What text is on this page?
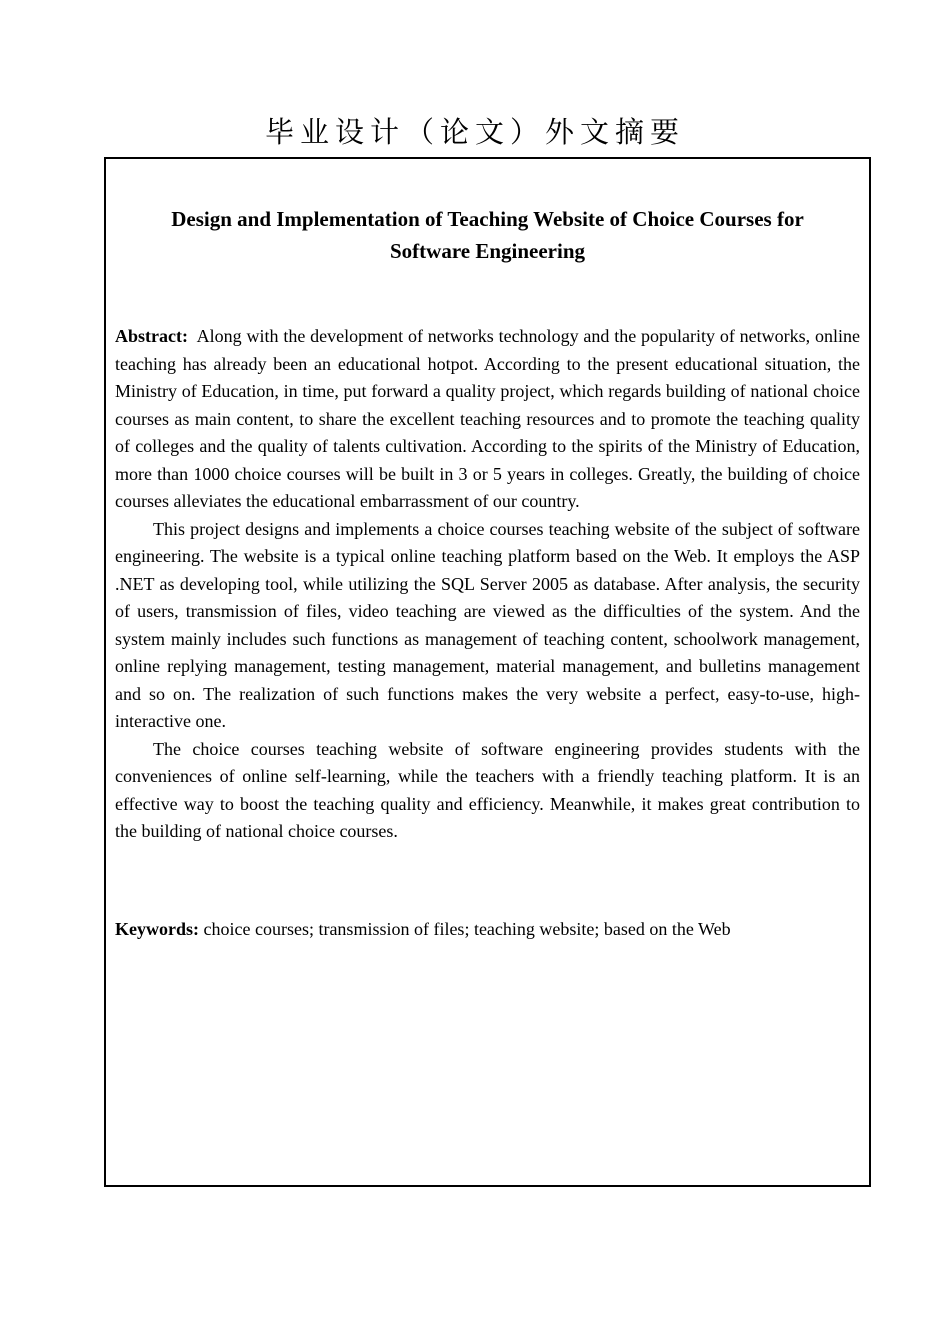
毕业设计（论文）外文摘要
Design and Implementation of Teaching Website of Choice Courses for
Software Engineering

Abstract: Along with the development of networks technology and the popularity of networks, online teaching has already been an educational hotpot. According to the present educational situation, the Ministry of Education, in time, put forward a quality project, which regards building of national choice courses as main content, to share the excellent teaching resources and to promote the teaching quality of colleges and the quality of talents cultivation. According to the spirits of the Ministry of Education, more than 1000 choice courses will be built in 3 or 5 years in colleges. Greatly, the building of choice courses alleviates the educational embarrassment of our country.

This project designs and implements a choice courses teaching website of the subject of software engineering. The website is a typical online teaching platform based on the Web. It employs the ASP .NET as developing tool, while utilizing the SQL Server 2005 as database. After analysis, the security of users, transmission of files, video teaching are viewed as the difficulties of the system. And the system mainly includes such functions as management of teaching content, schoolwork management, online replying management, testing management, material management, and bulletins management and so on. The realization of such functions makes the very website a perfect, easy-to-use, high-interactive one.

The choice courses teaching website of software engineering provides students with the conveniences of online self-learning, while the teachers with a friendly teaching platform. It is an effective way to boost the teaching quality and efficiency. Meanwhile, it makes great contribution to the building of national choice courses.

Keywords: choice courses; transmission of files; teaching website; based on the Web
